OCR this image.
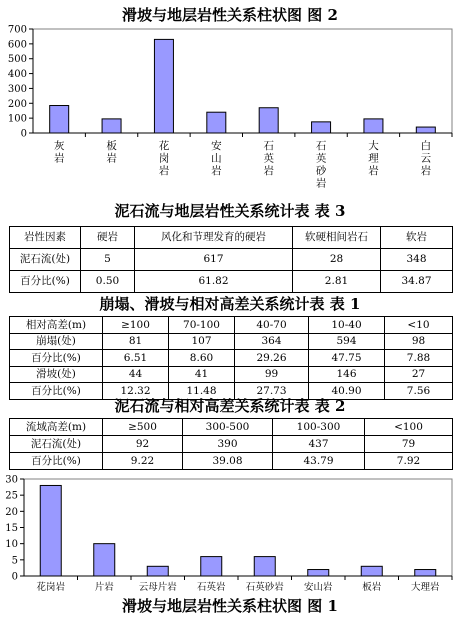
滑坡与地层岩性关系柱状图 图 2
0
100
200
300
400
500
600
700
灰岩
板岩
花岗岩
安山岩
石英岩
石英砂岩
大理岩
白云岩
泥石流与地层岩性关系统计表 表 3
岩性因素	硬岩	风化和节理发育的硬岩	软硬相间岩石	软岩
泥石流(处)	5	617	28	348
百分比(%)	0.50	61.82	2.81	34.87
崩塌、滑坡与相对高差关系统计表 表 1
相对高差(m)	≥100	70-100	40-70	10-40	<10
崩塌(处)	81	107	364	594	98
百分比(%)	6.51	8.60	29.26	47.75	7.88
滑坡(处)	44	41	99	146	27
百分比(%)	12.32	11.48	27.73	40.90	7.56
泥石流与相对高差关系统计表 表 2
流域高差(m)	≥500	300-500	100-300	<100
泥石流(处)	92	390	437	79
百分比(%)	9.22	39.08	43.79	7.92
0
5
10
15
20
25
30
花岗岩	片岩	云母片岩 石英岩 石英砂岩 安山岩	板岩	大理岩
滑坡与地层岩性关系柱状图 图 1
